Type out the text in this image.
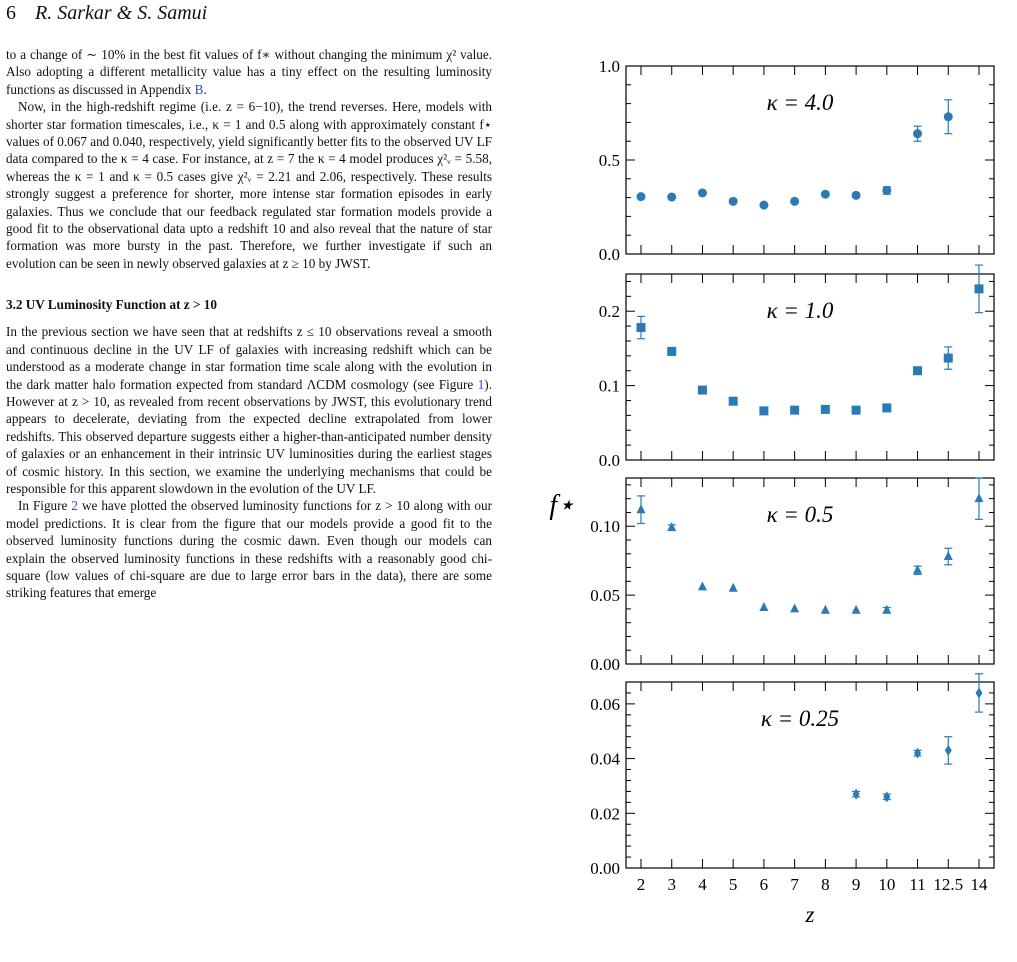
6 R. Sarkar & S. Samui

to a change of ∼ 10% in the best fit values of f∗ without changing the minimum χ² value. Also adopting a different metallicity value has a tiny effect on the resulting luminosity functions as discussed in Appendix B.

Now, in the high-redshift regime (i.e. z = 6−10), the trend reverses. Here, models with shorter star formation timescales, i.e., κ = 1 and 0.5 along with approximately constant f⋆ values of 0.067 and 0.040, respectively, yield significantly better fits to the observed UV LF data compared to the κ = 4 case. For instance, at z = 7 the κ = 4 model produces χ²ᵥ = 5.58, whereas the κ = 1 and κ = 0.5 cases give χ²ᵥ = 2.21 and 2.06, respectively. These results strongly suggest a preference for shorter, more intense star formation episodes in early galaxies. Thus we conclude that our feedback regulated star formation models provide a good fit to the observational data upto a redshift 10 and also reveal that the nature of star formation was more bursty in the past. Therefore, we further investigate if such an evolution can be seen in newly observed galaxies at z ≥ 10 by JWST.

3.2 UV Luminosity Function at z > 10

In the previous section we have seen that at redshifts z ≤ 10 observations reveal a smooth and continuous decline in the UV LF of galaxies with increasing redshift which can be understood as a moderate change in star formation time scale along with the evolution in the dark matter halo formation expected from standard ΛCDM cosmology (see Figure 1). However at z > 10, as revealed from recent observations by JWST, this evolutionary trend appears to decelerate, deviating from the expected decline extrapolated from lower redshifts. This observed departure suggests either a higher-than-anticipated number density of galaxies or an enhancement in their intrinsic UV luminosities during the earliest stages of cosmic history. In this section, we examine the underlying mechanisms that could be responsible for this apparent slowdown in the evolution of the UV LF.

In Figure 2 we have plotted the observed luminosity functions for z > 10 along with our model predictions. It is clear from the figure that our models provide a good fit to the observed luminosity functions during the cosmic dawn. Even though our models can explain the observed luminosity functions in these redshifts with a reasonably good chi-square (low values of chi-square are due to large error bars in the data), there are some striking features that emerge

0.0
0.5
1.0
κ = 4.0
0.0
0.1
0.2	κ = 1.0
0.00
0.05
0.10	κ = 0.5
0.00
0.02
0.04
0.06
κ = 0.25
2 3 4 5 6 7 8 9 10 11 12.5 14
z
f⋆
